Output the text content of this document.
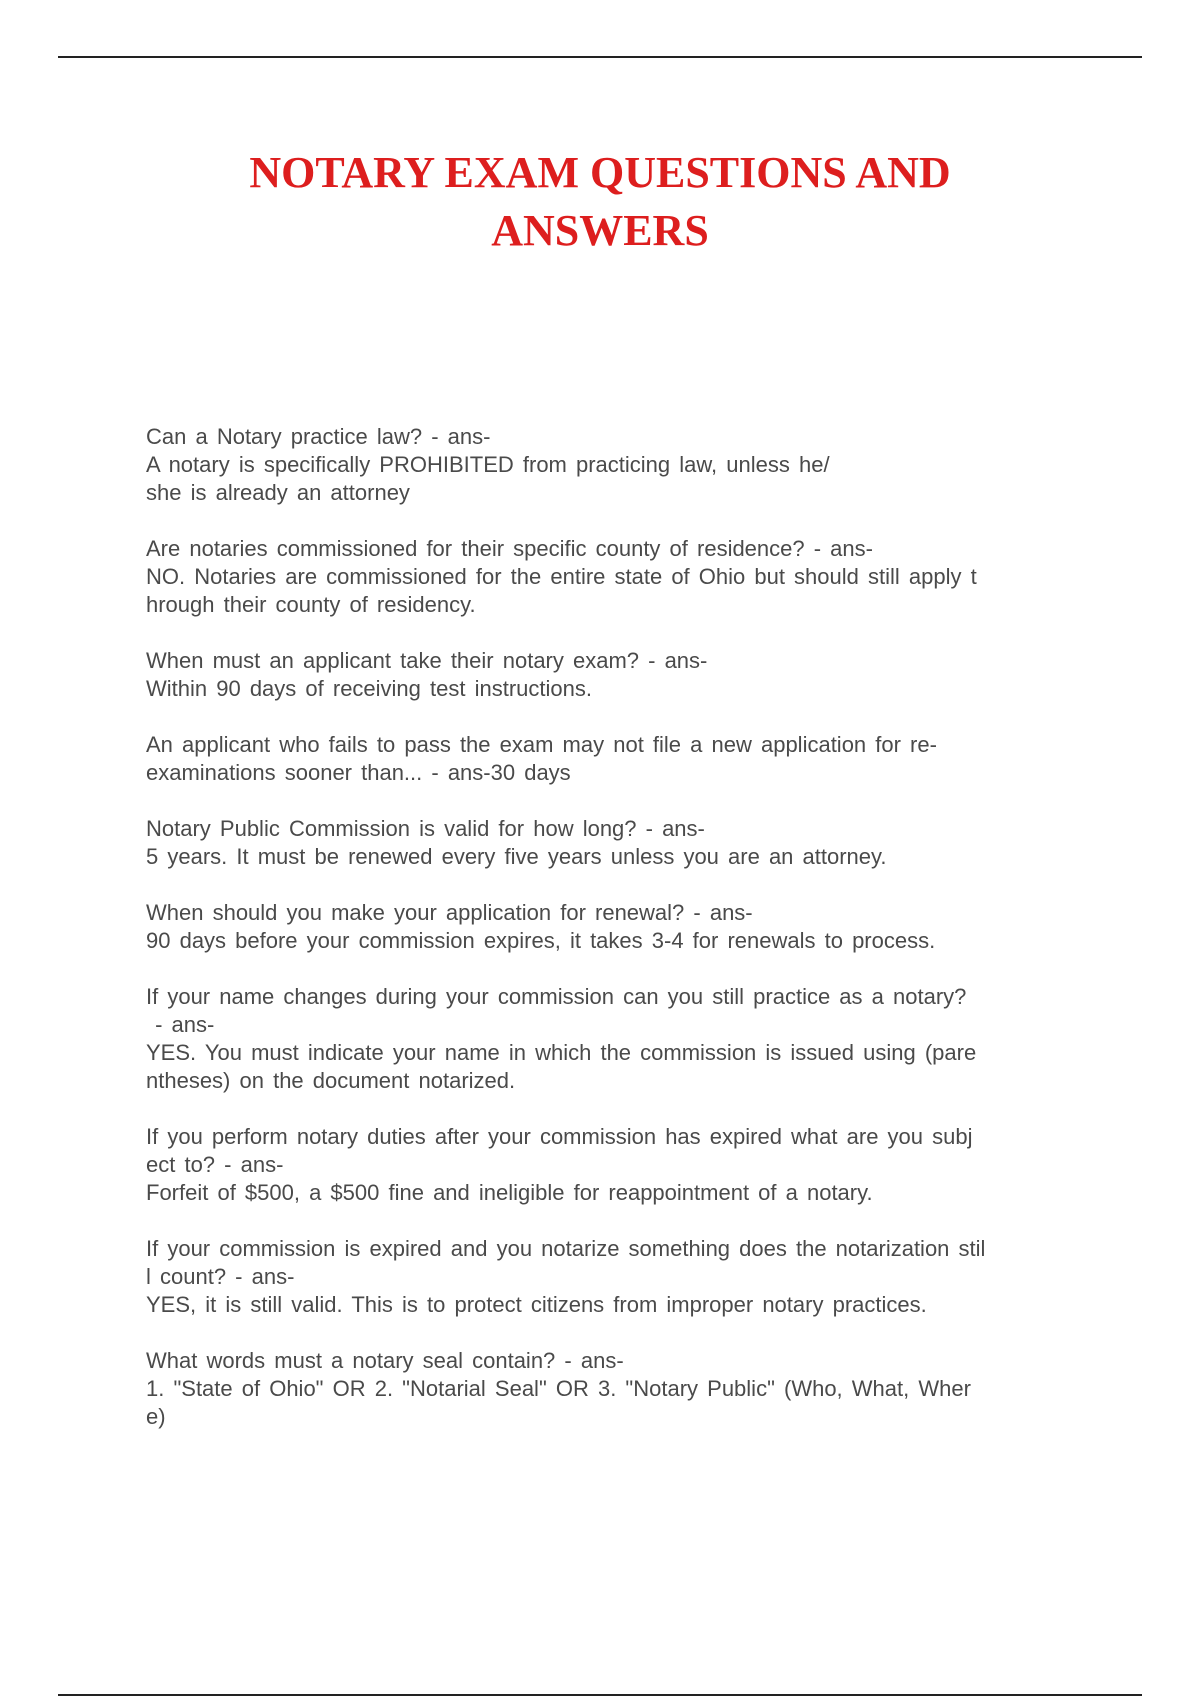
NOTARY EXAM QUESTIONS AND
ANSWERS
Can a Notary practice law? - ans-
A notary is specifically PROHIBITED from practicing law, unless he/
she is already an attorney
Are notaries commissioned for their specific county of residence? - ans-
NO. Notaries are commissioned for the entire state of Ohio but should still apply t
hrough their county of residency.
When must an applicant take their notary exam? - ans-
Within 90 days of receiving test instructions.
An applicant who fails to pass the exam may not file a new application for re-
examinations sooner than... - ans-30 days
Notary Public Commission is valid for how long? - ans-
5 years. It must be renewed every five years unless you are an attorney.
When should you make your application for renewal? - ans-
90 days before your commission expires, it takes 3-4 for renewals to process.
If your name changes during your commission can you still practice as a notary?
- ans-
YES. You must indicate your name in which the commission is issued using (pare
ntheses) on the document notarized.
If you perform notary duties after your commission has expired what are you subj
ect to? - ans-
Forfeit of $500, a $500 fine and ineligible for reappointment of a notary.
If your commission is expired and you notarize something does the notarization stil
l count? - ans-
YES, it is still valid. This is to protect citizens from improper notary practices.
What words must a notary seal contain? - ans-
1. "State of Ohio" OR 2. "Notarial Seal" OR 3. "Notary Public" (Who, What, Wher
e)
